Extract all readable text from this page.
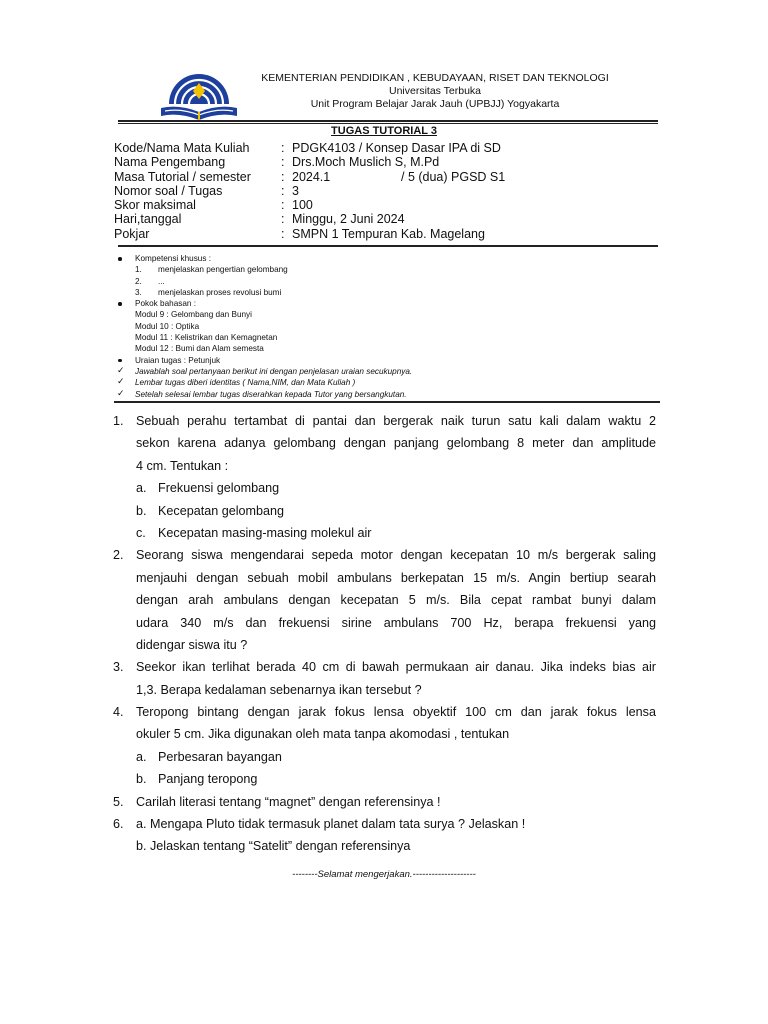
KEMENTERIAN PENDIDIKAN , KEBUDAYAAN, RISET DAN TEKNOLOGI
Universitas Terbuka
Unit Program Belajar Jarak Jauh (UPBJJ) Yogyakarta
TUGAS TUTORIAL 3
Kode/Nama Mata Kuliah	: PDGK4103 / Konsep Dasar IPA di SD
Nama Pengembang	: Drs.Moch Muslich S, M.Pd
Masa Tutorial / semester : 2024.1	/ 5 (dua) PGSD S1
Nomor soal / Tugas	: 3
Skor maksimal	: 100
Hari,tanggal	: Minggu, 2 Juni 2024
Pokjar	: SMPN 1 Tempuran Kab. Magelang
Kompetensi khusus :
1. menjelaskan pengertian gelombang
2. ...
3. menjelaskan proses revolusi bumi
Pokok bahasan :
Modul 9 : Gelombang dan Bunyi
Modul 10 : Optika
Modul 11 : Kelistrikan dan Kemagnetan
Modul 12 : Bumi dan Alam semesta
Uraian tugas : Petunjuk
✓ Jawablah soal pertanyaan berikut ini dengan penjelasan uraian secukupnya.
✓ Lembar tugas diberi identitas ( Nama,NIM, dan Mata Kuliah )
✓ Setelah selesai lembar tugas diserahkan kepada Tutor yang bersangkutan.
1. Sebuah perahu tertambat di pantai dan bergerak naik turun satu kali dalam waktu 2
sekon karena adanya gelombang dengan panjang gelombang 8 meter dan amplitude
4 cm. Tentukan :
a. Frekuensi gelombang
b. Kecepatan gelombang
c. Kecepatan masing-masing molekul air
2. Seorang siswa mengendarai sepeda motor dengan kecepatan 10 m/s bergerak saling
menjauhi dengan sebuah mobil ambulans berkepatan 15 m/s. Angin bertiup searah
dengan arah ambulans dengan kecepatan 5 m/s. Bila cepat rambat bunyi dalam
udara 340 m/s dan frekuensi sirine ambulans 700 Hz, berapa frekuensi yang
didengar siswa itu ?
3. Seekor ikan terlihat berada 40 cm di bawah permukaan air danau. Jika indeks bias air
1,3. Berapa kedalaman sebenarnya ikan tersebut ?
4. Teropong bintang dengan jarak fokus lensa obyektif 100 cm dan jarak fokus lensa
okuler 5 cm. Jika digunakan oleh mata tanpa akomodasi , tentukan
a. Perbesaran bayangan
b. Panjang teropong
5. Carilah literasi tentang “magnet” dengan referensinya !
6. a. Mengapa Pluto tidak termasuk planet dalam tata surya ? Jelaskan !
b. Jelaskan tentang “Satelit” dengan referensinya
--------Selamat mengerjakan.--------------------
